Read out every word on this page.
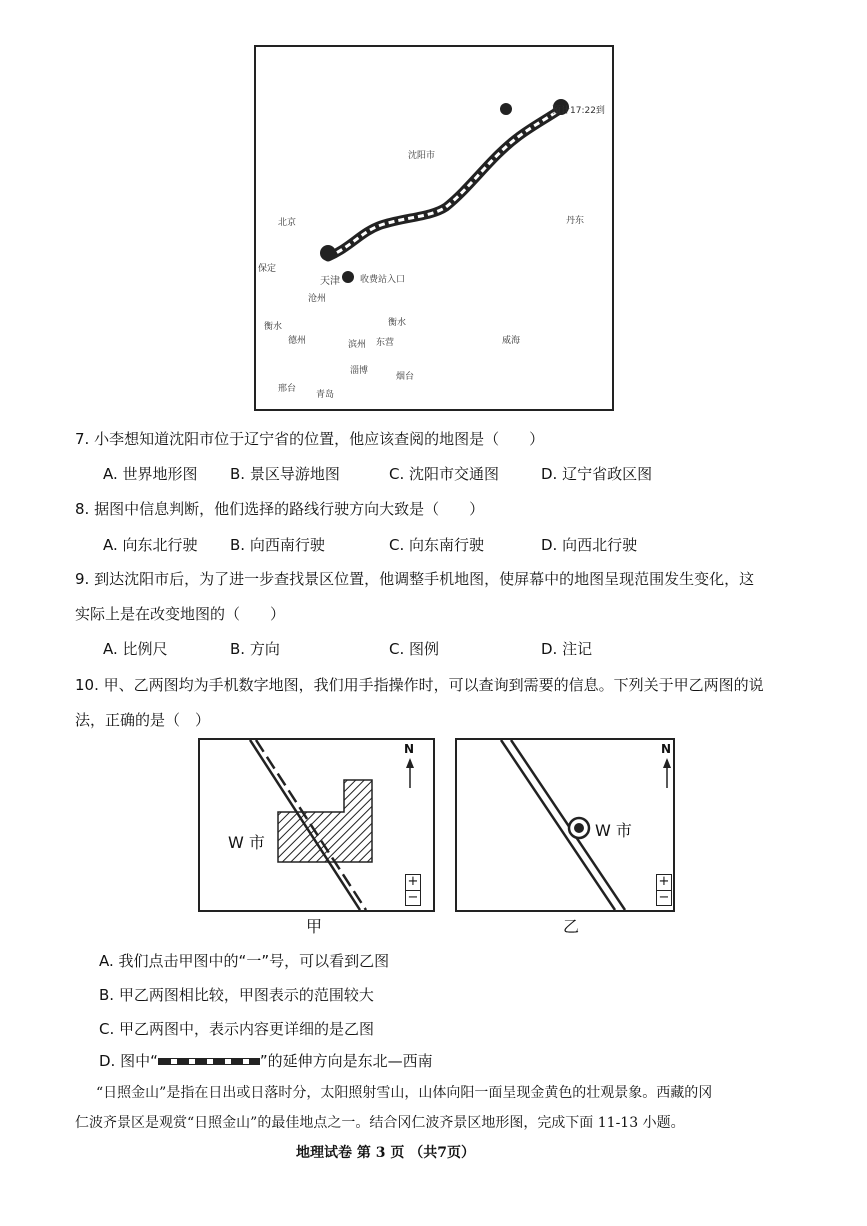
天津
预计17:22到
沈阳市
收费站入口
北京
保定
沧州
衡水
德州	滨州 东营
淄博
衡水
邢台
丹东
青岛
烟台
威海
7. 小李想知道沈阳市位于辽宁省的位置，他应该查阅的地图是（　　）
A. 世界地形图 B. 景区导游地图	C. 沈阳市交通图	D. 辽宁省政区图
8. 据图中信息判断，他们选择的路线行驶方向大致是（　　）
A. 向东北行驶 B. 向西南行驶	C. 向东南行驶	D. 向西北行驶
9. 到达沈阳市后，为了进一步查找景区位置，他调整手机地图，使屏幕中的地图呈现范围发生变化，这
实际上是在改变地图的（　　）
A. 比例尺	B. 方向	C. 图例	D. 注记
10. 甲、乙两图均为手机数字地图，我们用手指操作时，可以查询到需要的信息。下列关于甲乙两图的说
法，正确的是（　）
W 市
N
+
−
甲
W 市
N
+
−
乙
A. 我们点击甲图中的“一”号，可以看到乙图
B. 甲乙两图相比较，甲图表示的范围较大
C. 甲乙两图中，表示内容更详细的是乙图
D. 图中“	”的延伸方向是东北—西南
“日照金山”是指在日出或日落时分，太阳照射雪山，山体向阳一面呈现金黄色的壮观景象。西藏的冈
仁波齐景区是观赏“日照金山”的最佳地点之一。结合冈仁波齐景区地形图，完成下面 11-13 小题。
地理试卷 第 3 页 （共7页）
